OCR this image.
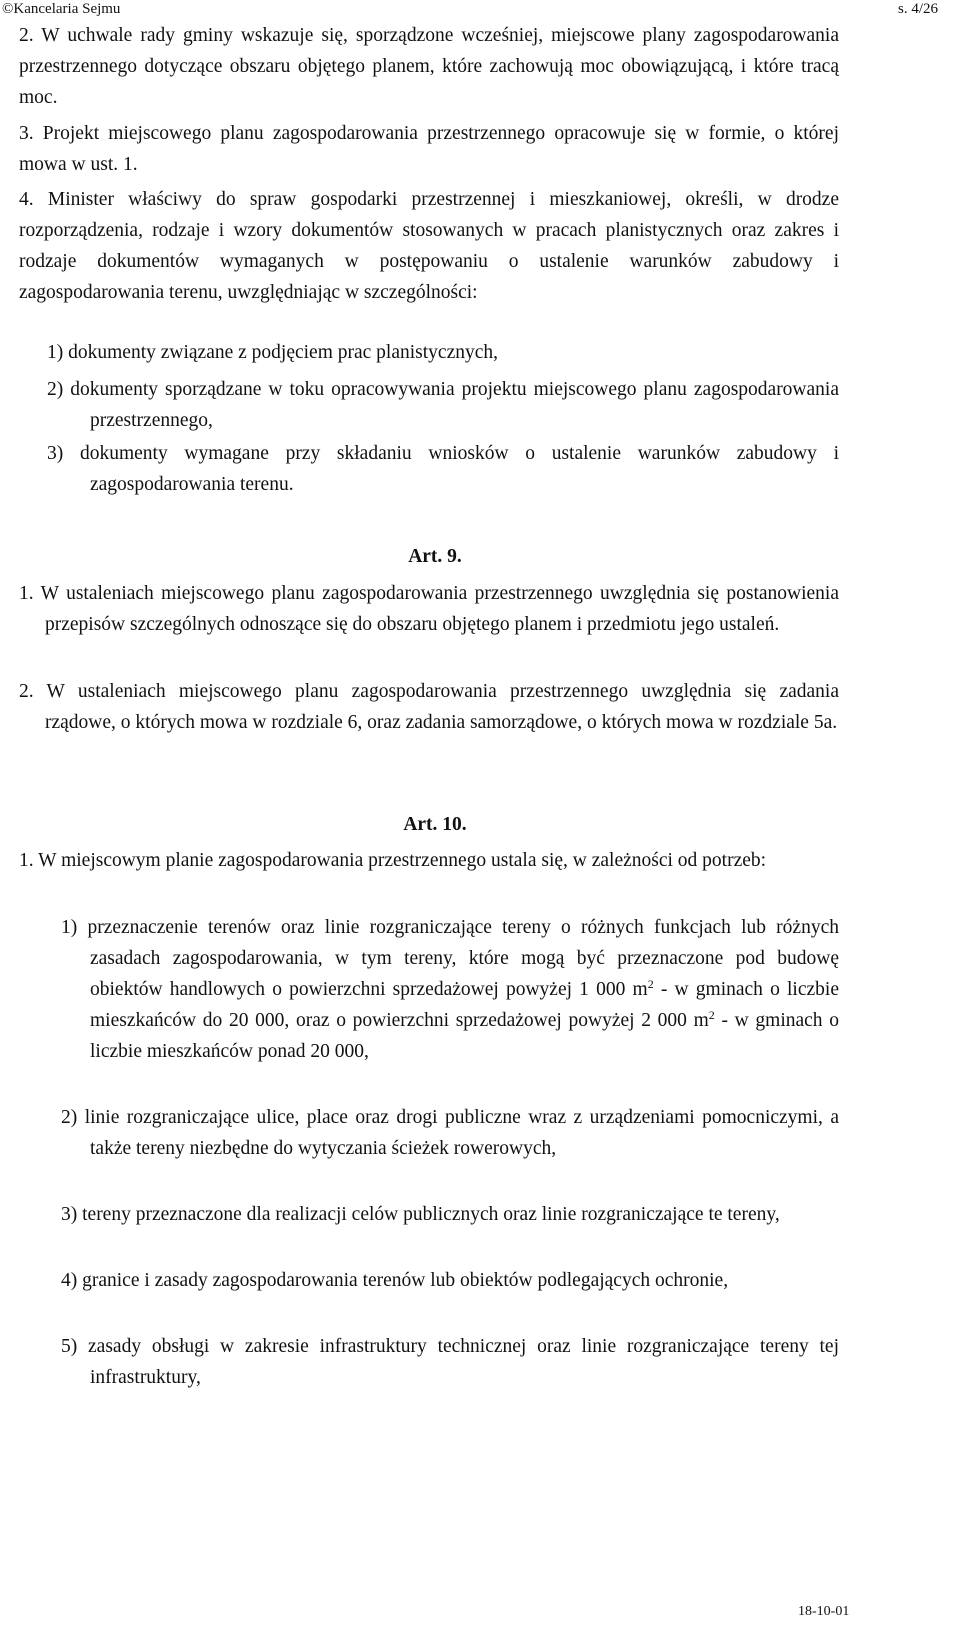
©Kancelaria Sejmu	s. 4/26

2. W uchwale rady gminy wskazuje się, sporządzone wcześniej, miejscowe plany zagospodarowania przestrzennego dotyczące obszaru objętego planem, które zachowują moc obowiązującą, i które tracą moc.

3. Projekt miejscowego planu zagospodarowania przestrzennego opracowuje się w formie, o której mowa w ust. 1.

4. Minister właściwy do spraw gospodarki przestrzennej i mieszkaniowej, określi, w drodze rozporządzenia, rodzaje i wzory dokumentów stosowanych w pracach planistycznych oraz zakres i rodzaje dokumentów wymaganych w postępowaniu o ustalenie warunków zabudowy i zagospodarowania terenu, uwzględniając w szczególności:

1) dokumenty związane z podjęciem prac planistycznych,

2) dokumenty sporządzane w toku opracowywania projektu miejscowego planu zagospodarowania przestrzennego,

3) dokumenty wymagane przy składaniu wniosków o ustalenie warunków zabudowy i zagospodarowania terenu.

Art. 9.

1. W ustaleniach miejscowego planu zagospodarowania przestrzennego uwzględnia się postanowienia przepisów szczególnych odnoszące się do obszaru objętego planem i przedmiotu jego ustaleń.

2. W ustaleniach miejscowego planu zagospodarowania przestrzennego uwzględnia się zadania rządowe, o których mowa w rozdziale 6, oraz zadania samorządowe, o których mowa w rozdziale 5a.

Art. 10.

1. W miejscowym planie zagospodarowania przestrzennego ustala się, w zależności od potrzeb:

1) przeznaczenie terenów oraz linie rozgraniczające tereny o różnych funkcjach lub różnych zasadach zagospodarowania, w tym tereny, które mogą być przeznaczone pod budowę obiektów handlowych o powierzchni sprzedażowej powyżej 1 000 $m^2$ - w gminach o liczbie mieszkańców do 20 000, oraz o powierzchni sprzedażowej powyżej 2 000 $m^2$ - w gminach o liczbie mieszkańców ponad 20 000,

2) linie rozgraniczające ulice, place oraz drogi publiczne wraz z urządzeniami pomocniczymi, a także tereny niezbędne do wytyczania ścieżek rowerowych,

3) tereny przeznaczone dla realizacji celów publicznych oraz linie rozgraniczające te tereny,

4) granice i zasady zagospodarowania terenów lub obiektów podlegających ochronie,

5) zasady obsługi w zakresie infrastruktury technicznej oraz linie rozgraniczające tereny tej infrastruktury,

18-10-01
